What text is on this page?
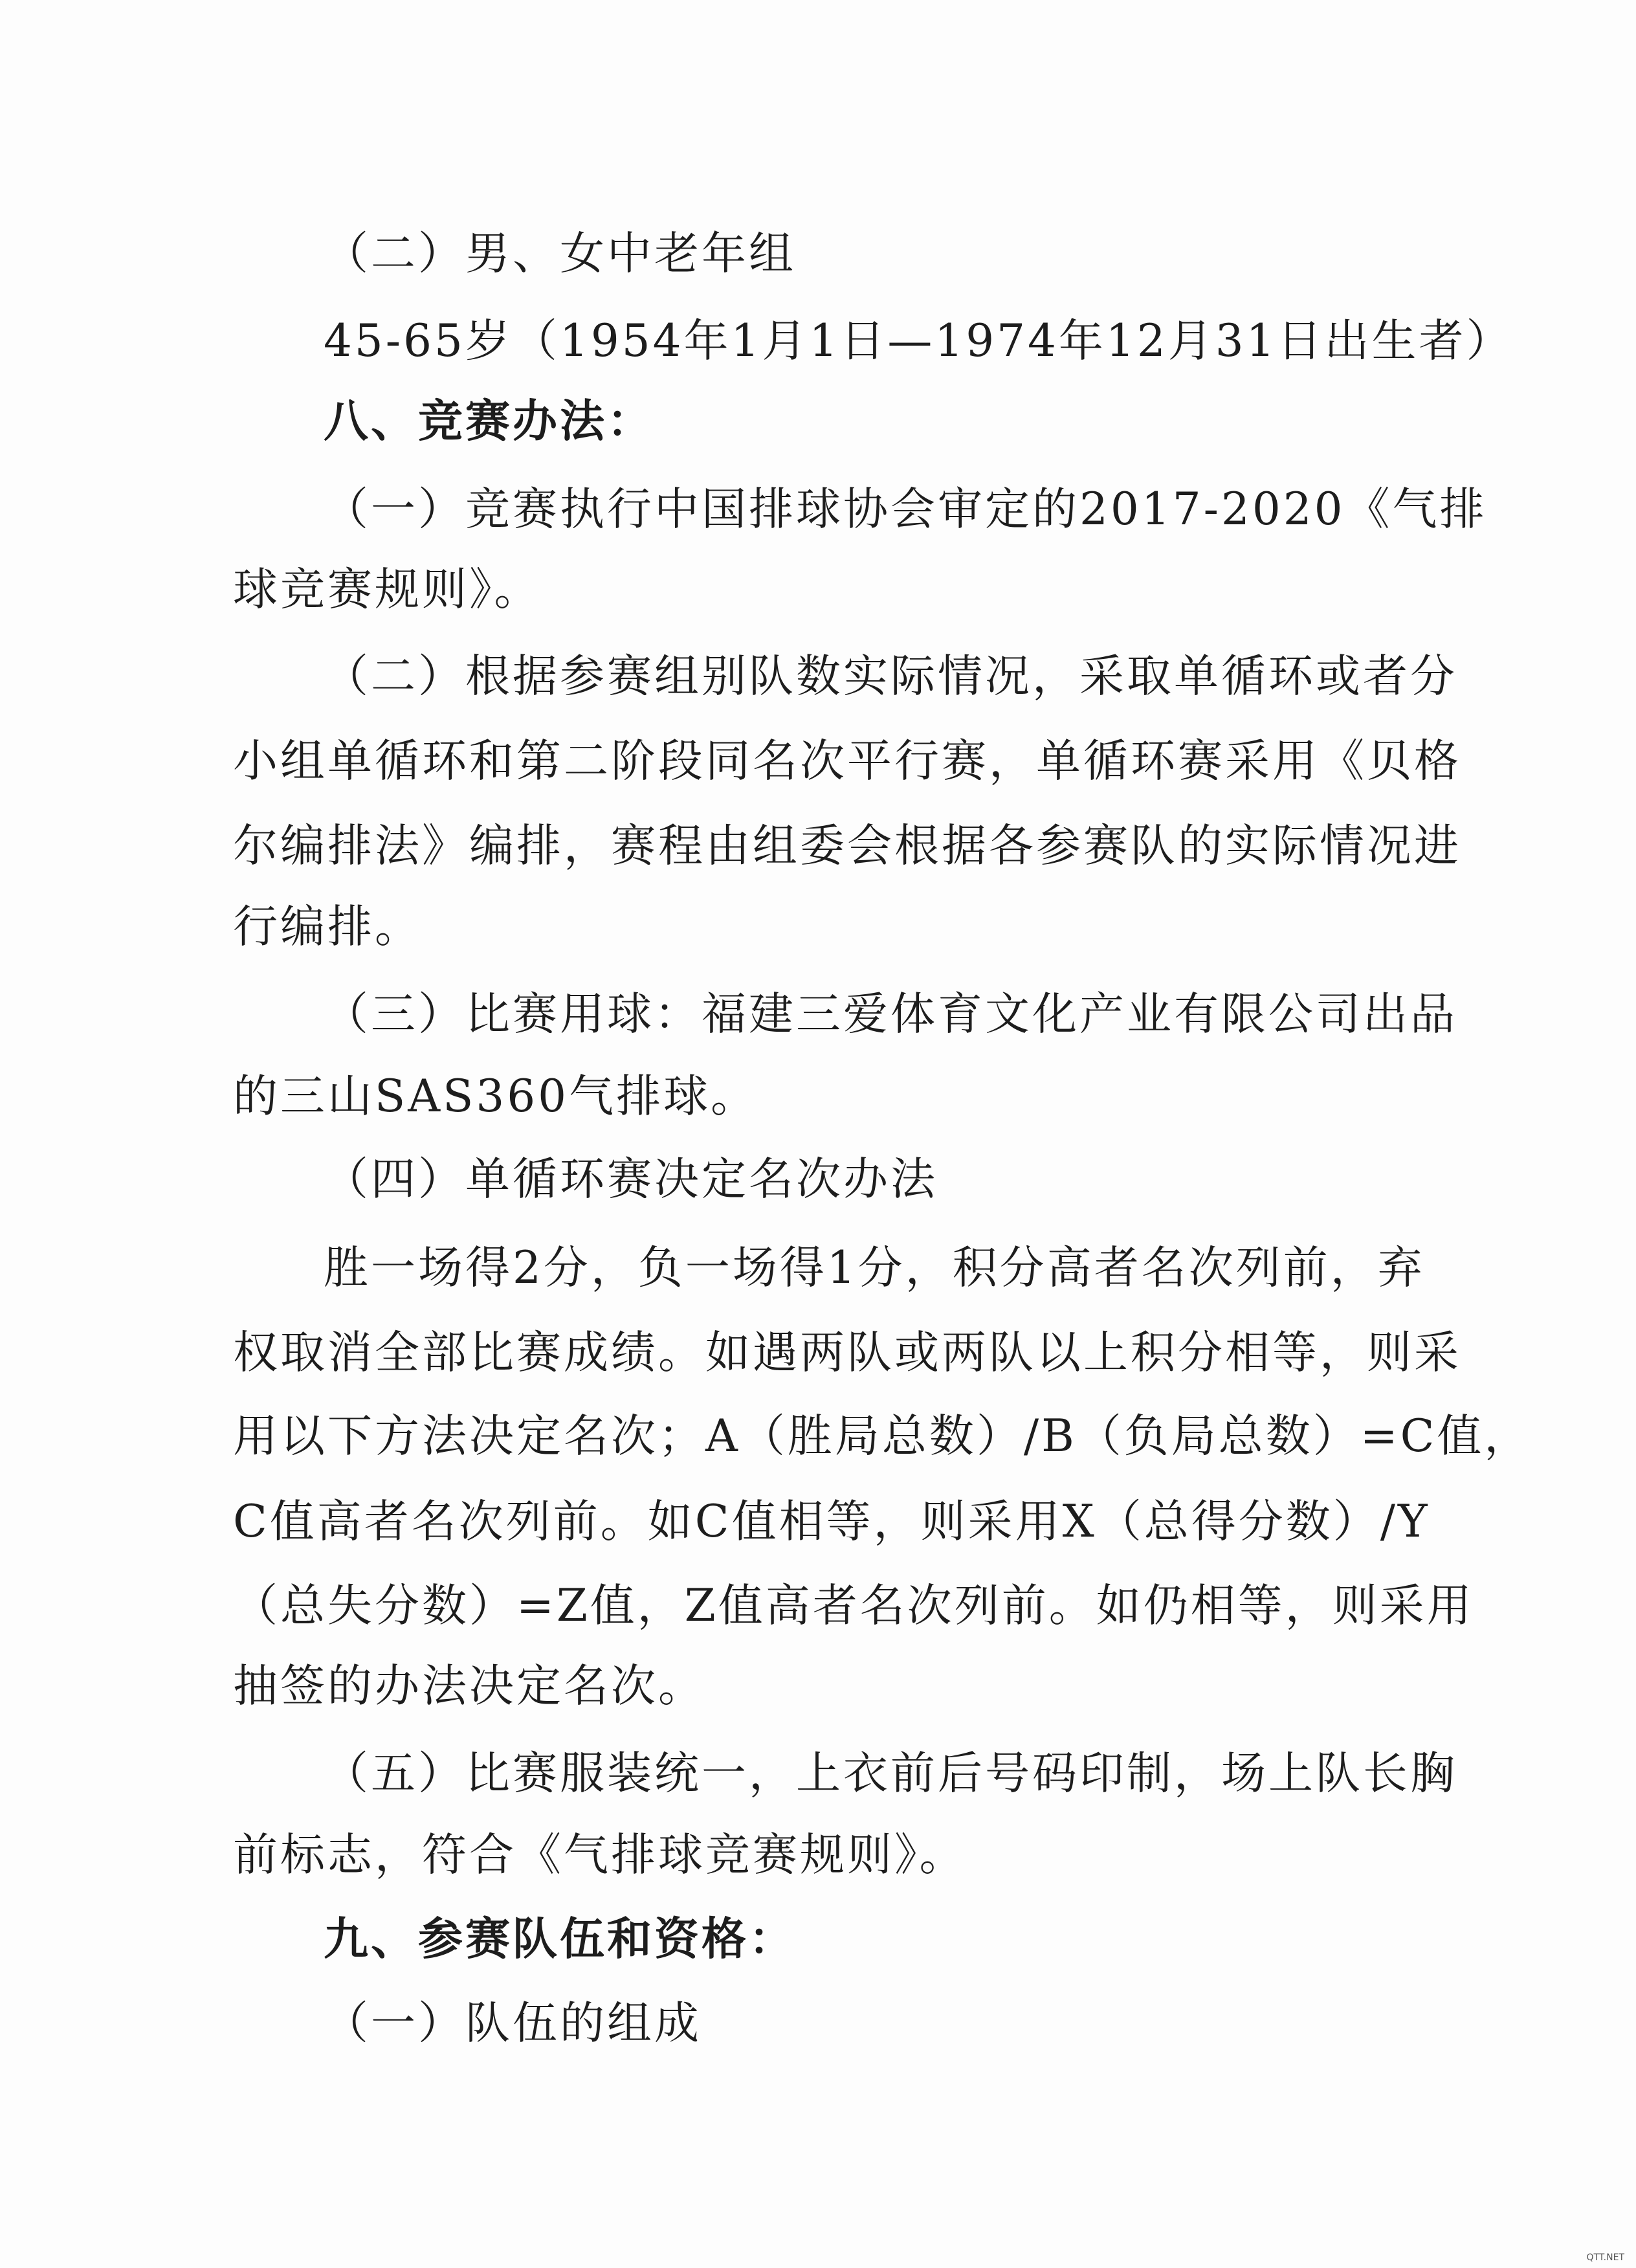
（二）男、女中老年组
45-65岁（1954年1月1日—1974年12月31日出生者）
八、竞赛办法：
（一）竞赛执行中国排球协会审定的2017-2020《气排
球竞赛规则》。
（二）根据参赛组别队数实际情况，采取单循环或者分
小组单循环和第二阶段同名次平行赛，单循环赛采用《贝格
尔编排法》编排，赛程由组委会根据各参赛队的实际情况进
行编排。
（三）比赛用球：福建三爱体育文化产业有限公司出品
的三山SAS360气排球。
（四）单循环赛决定名次办法
胜一场得2分，负一场得1分，积分高者名次列前，弃
权取消全部比赛成绩。如遇两队或两队以上积分相等，则采
用以下方法决定名次；A（胜局总数）/B（负局总数）=C值，
C值高者名次列前。如C值相等，则采用X（总得分数）/Y
（总失分数）=Z值，Z值高者名次列前。如仍相等，则采用
抽签的办法决定名次。
（五）比赛服装统一，上衣前后号码印制，场上队长胸
前标志，符合《气排球竞赛规则》。
九、参赛队伍和资格：
（一）队伍的组成
QTT.NET
